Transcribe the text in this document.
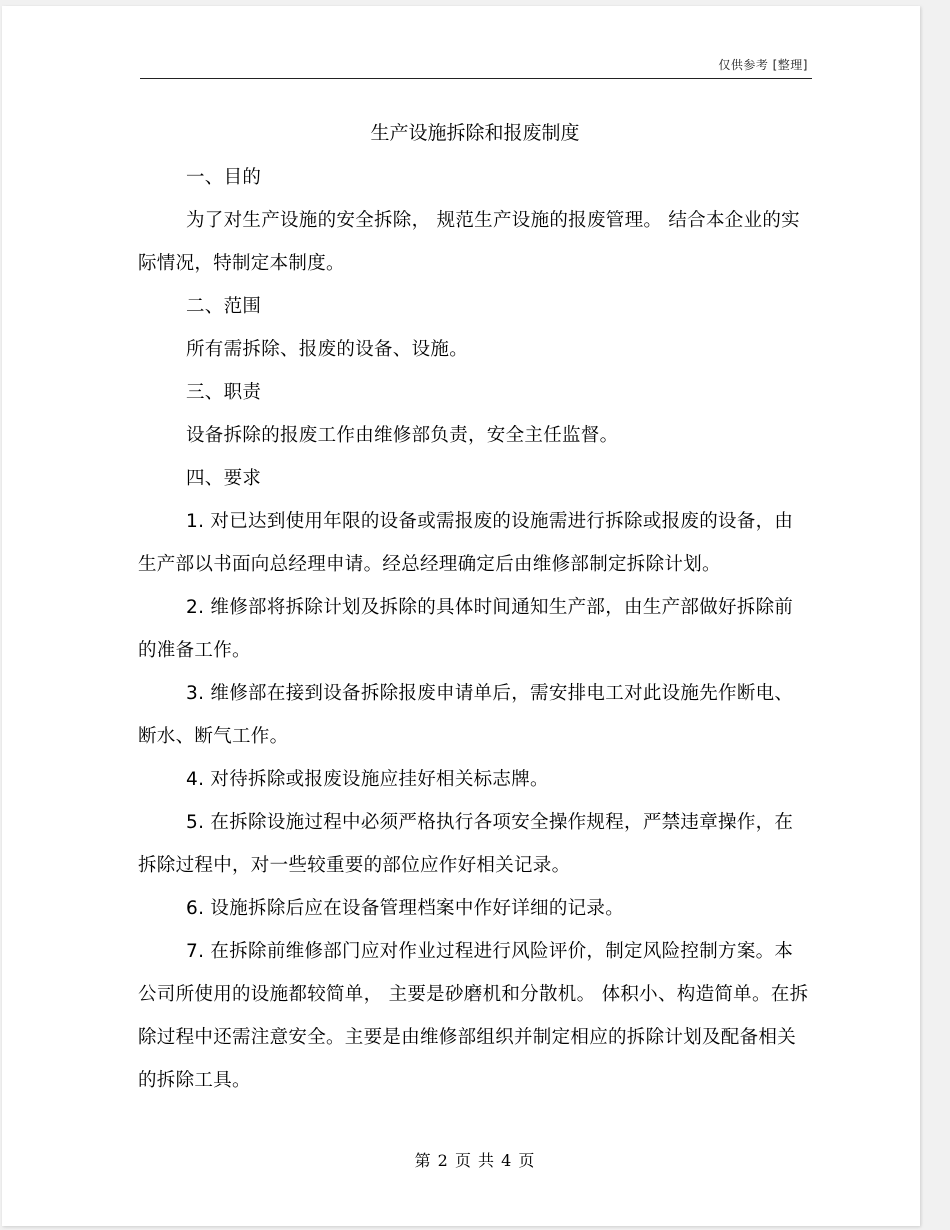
仅供参考 [整理]
生产设施拆除和报废制度

一、目的

为了对生产设施的安全拆除， 规范生产设施的报废管理。 结合本企业的实际情况，特制定本制度。

二、范围

所有需拆除、报废的设备、设施。

三、职责

设备拆除的报废工作由维修部负责，安全主任监督。

四、要求

1. 对已达到使用年限的设备或需报废的设施需进行拆除或报废的设备，由生产部以书面向总经理申请。经总经理确定后由维修部制定拆除计划。

2. 维修部将拆除计划及拆除的具体时间通知生产部，由生产部做好拆除前的准备工作。

3. 维修部在接到设备拆除报废申请单后，需安排电工对此设施先作断电、断水、断气工作。

4. 对待拆除或报废设施应挂好相关标志牌。

5. 在拆除设施过程中必须严格执行各项安全操作规程，严禁违章操作，在拆除过程中，对一些较重要的部位应作好相关记录。

6. 设施拆除后应在设备管理档案中作好详细的记录。

7. 在拆除前维修部门应对作业过程进行风险评价，制定风险控制方案。本公司所使用的设施都较简单， 主要是砂磨机和分散机。 体积小、构造简单。在拆除过程中还需注意安全。主要是由维修部组织并制定相应的拆除计划及配备相关的拆除工具。

第 2 页 共 4 页
